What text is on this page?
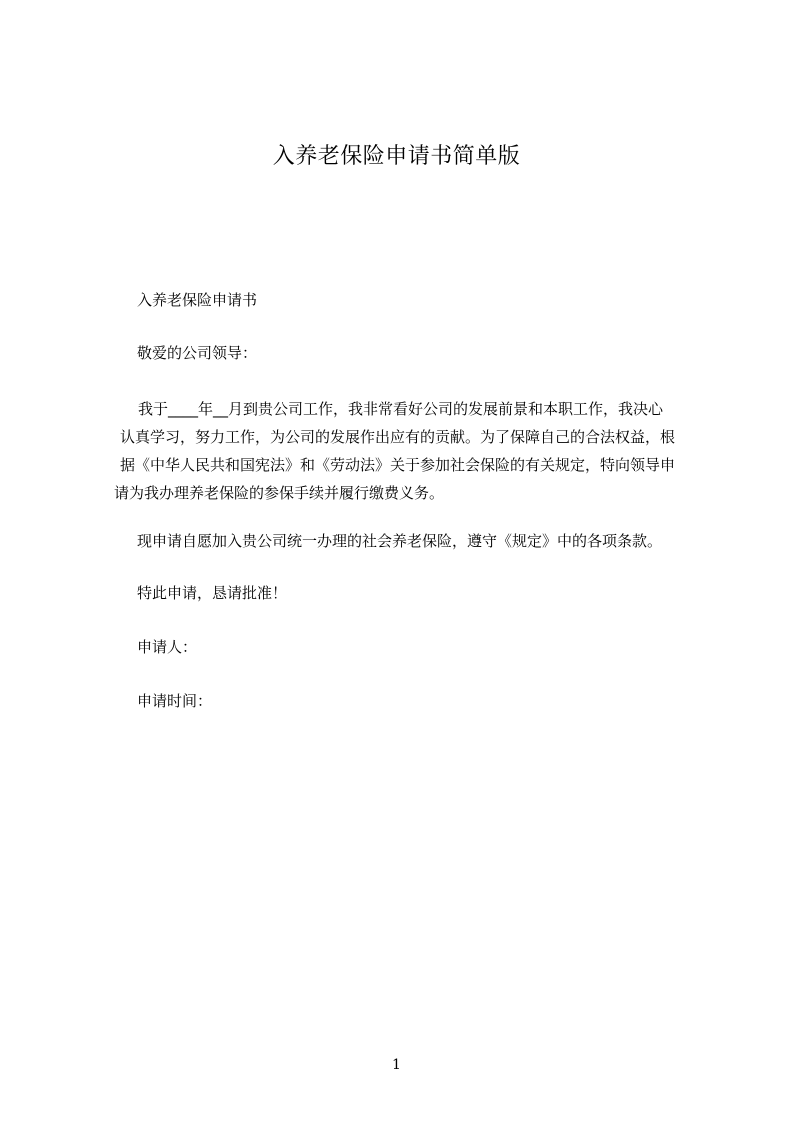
入养老保险申请书简单版
入养老保险申请书
敬爱的公司领导：
我于____年__月到贵公司工作，我非常看好公司的发展前景和本职工作，我决心
认真学习，努力工作，为公司的发展作出应有的贡献。为了保障自己的合法权益，根
据《中华人民共和国宪法》和《劳动法》关于参加社会保险的有关规定，特向领导申
请为我办理养老保险的参保手续并履行缴费义务。
现申请自愿加入贵公司统一办理的社会养老保险，遵守《规定》中的各项条款。
特此申请，恳请批准！
申请人：
申请时间：
1
